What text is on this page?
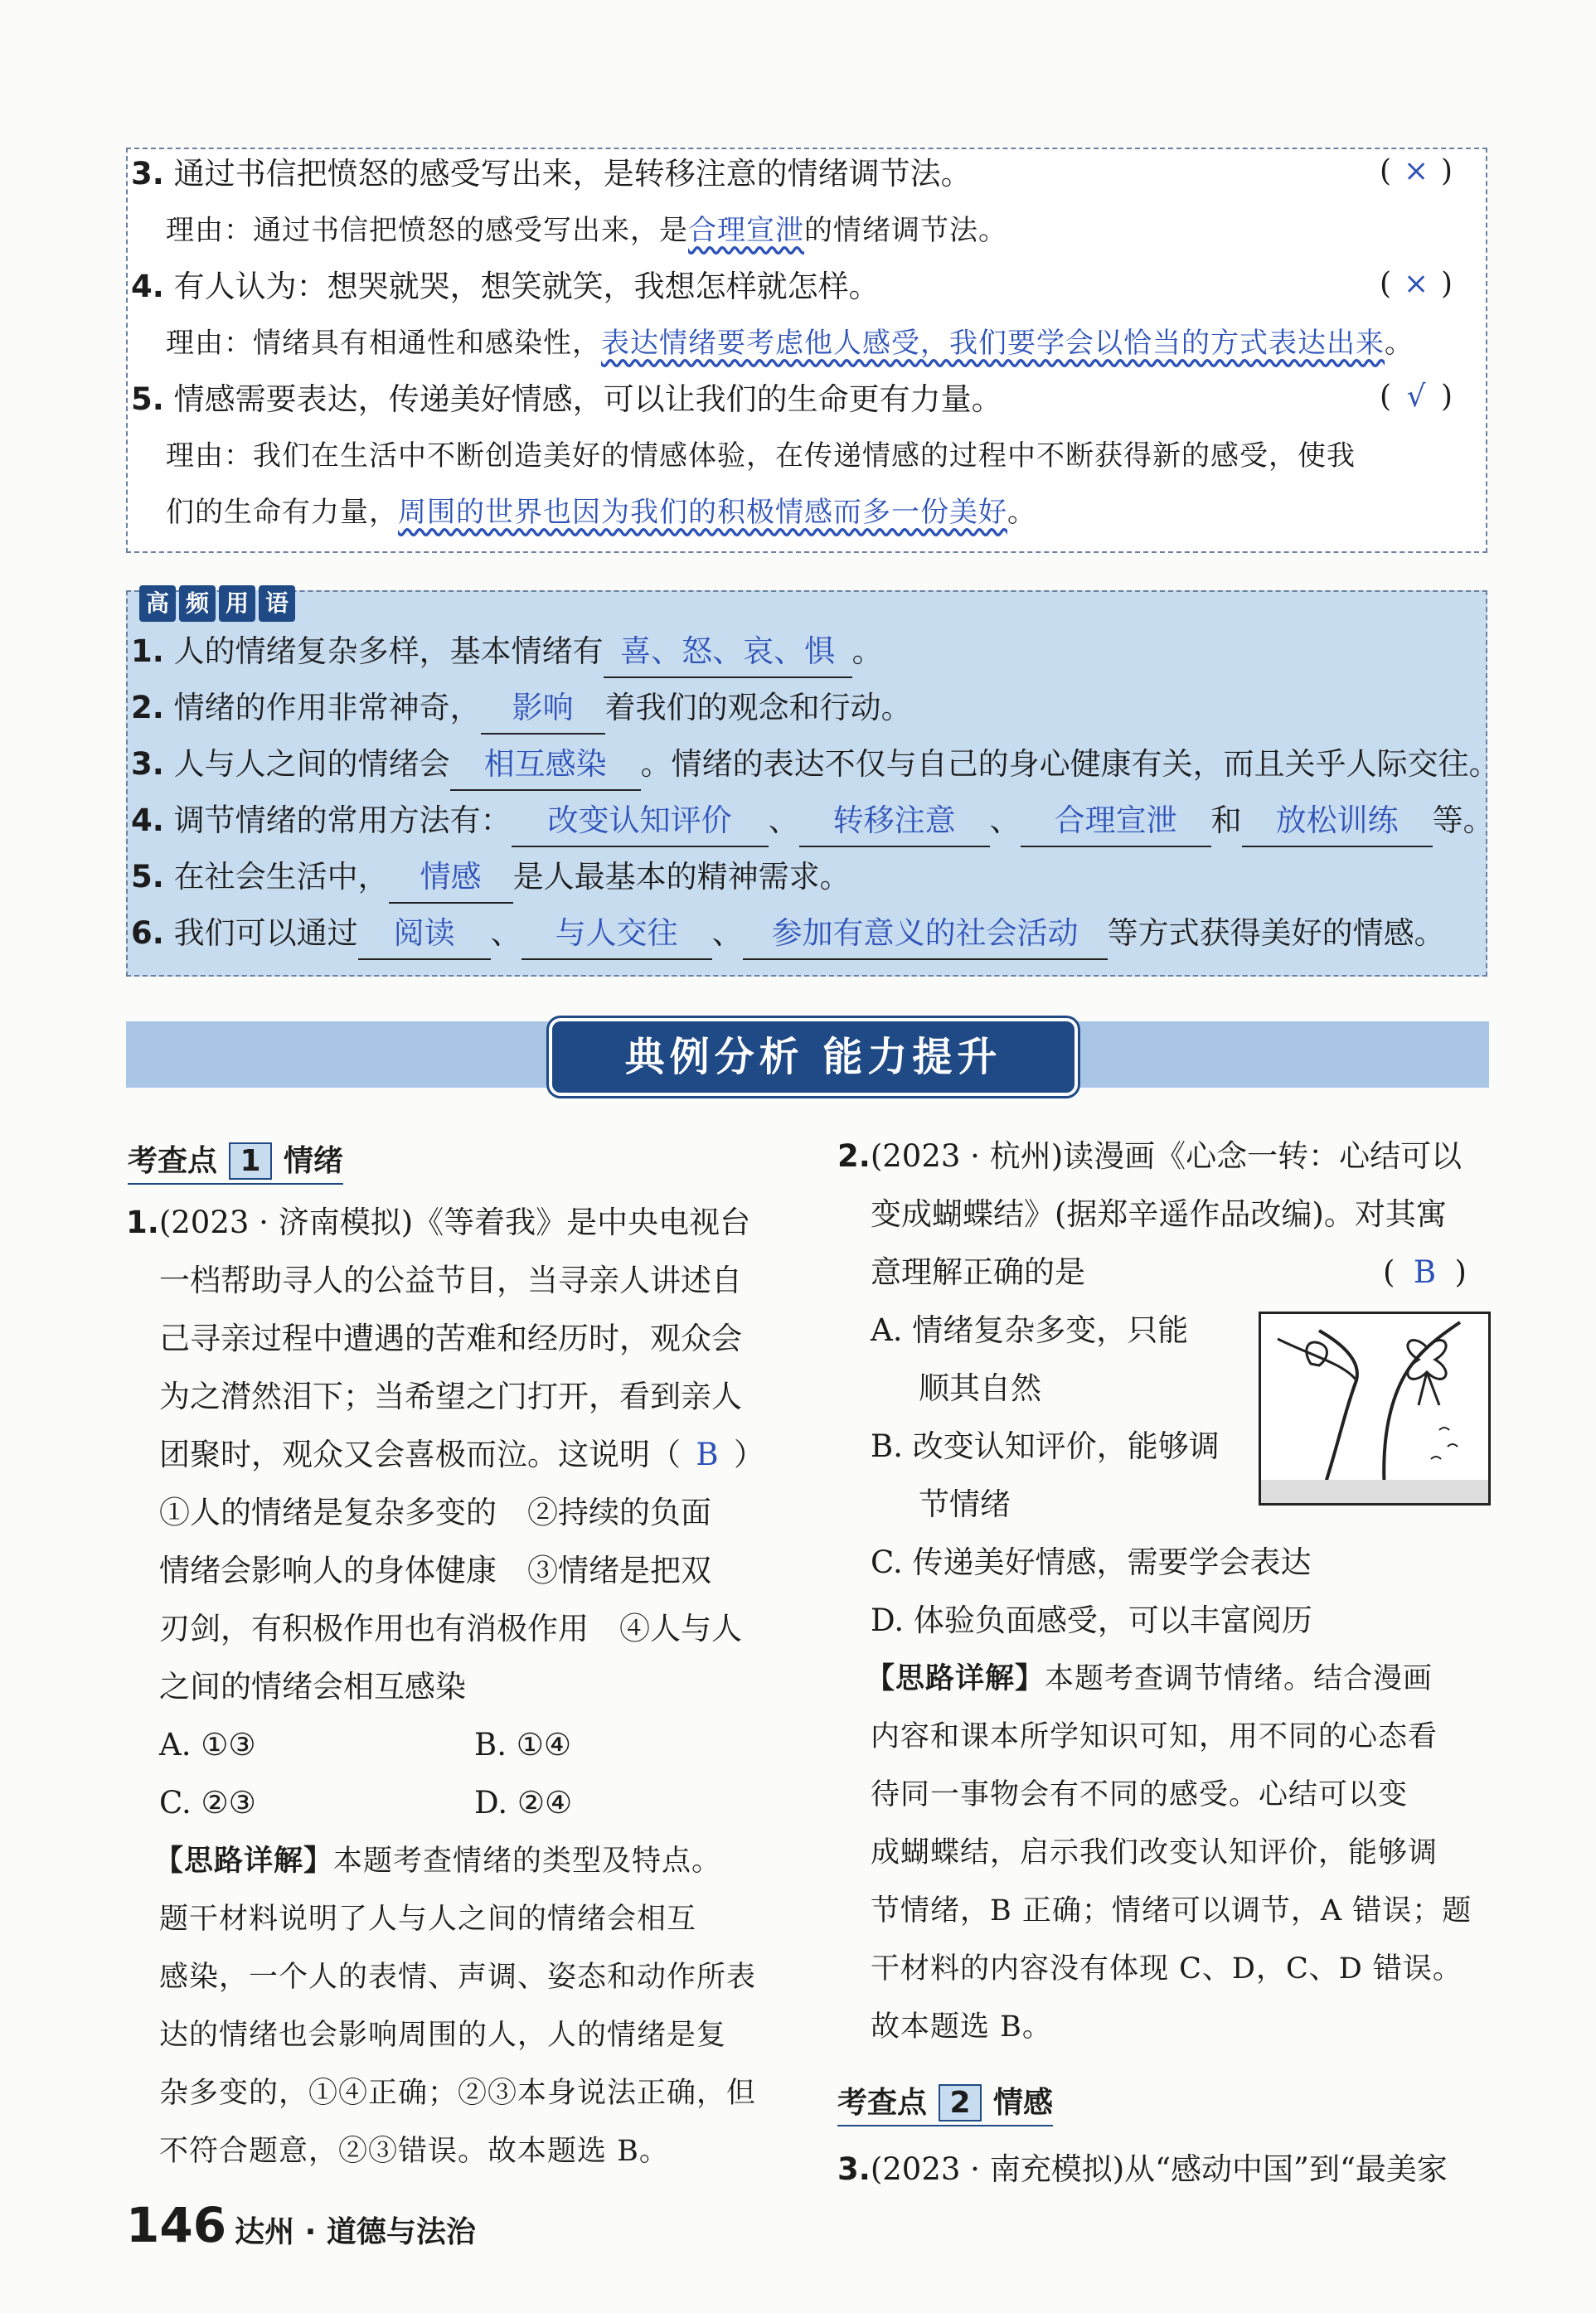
3. 通过书信把愤怒的感受写出来，是转移注意的情绪调节法。	( × )
理由：通过书信把愤怒的感受写出来，是合理宣泄的情绪调节法。
4. 有人认为：想哭就哭，想笑就笑，我想怎样就怎样。	( × )
理由：情绪具有相通性和感染性，表达情绪要考虑他人感受，我们要学会以恰当的方式表达出来。
5. 情感需要表达，传递美好情感，可以让我们的生命更有力量。	( √ )
理由：我们在生活中不断创造美好的情感体验，在传递情感的过程中不断获得新的感受，使我
们的生命有力量，周围的世界也因为我们的积极情感而多一份美好。
高 频 用 语
1. 人的情绪复杂多样，基本情绪有 喜、怒、哀、惧 。
2. 情绪的作用非常神奇， 影响 着我们的观念和行动。
3. 人与人之间的情绪会 相互感染 。情绪的表达不仅与自己的身心健康有关，而且关乎人际交往。
4. 调节情绪的常用方法有： 改变认知评价 、 转移注意 、 合理宣泄 和 放松训练 等。
5. 在社会生活中， 情感 是人最基本的精神需求。
6. 我们可以通过 阅读 、 与人交往 、 参加有意义的社会活动 等方式获得美好的情感。
典例分析 能力提升
考查点 1 情绪
1.(2023 · 济南模拟)《等着我》是中央电视台
一档帮助寻人的公益节目，当寻亲人讲述自
己寻亲过程中遭遇的苦难和经历时，观众会
为之潸然泪下；当希望之门打开，看到亲人
团聚时，观众又会喜极而泣。这说明（ B ）
①人的情绪是复杂多变的　②持续的负面
情绪会影响人的身体健康　③情绪是把双
刃剑，有积极作用也有消极作用　④人与人
之间的情绪会相互感染
A. ①③	B. ①④
C. ②③	D. ②④
【思路详解】本题考查情绪的类型及特点。
题干材料说明了人与人之间的情绪会相互
感染，一个人的表情、声调、姿态和动作所表
达的情绪也会影响周围的人，人的情绪是复
杂多变的，①④正确；②③本身说法正确，但
不符合题意，②③错误。故本题选 B。
2.(2023 · 杭州)读漫画《心念一转：心结可以
变成蝴蝶结》(据郑辛遥作品改编)。对其寓
意理解正确的是	( B )
A. 情绪复杂多变，只能
顺其自然
B. 改变认知评价，能够调
节情绪
C. 传递美好情感，需要学会表达
D. 体验负面感受，可以丰富阅历
【思路详解】本题考查调节情绪。结合漫画
内容和课本所学知识可知，用不同的心态看
待同一事物会有不同的感受。心结可以变
成蝴蝶结，启示我们改变认知评价，能够调
节情绪，B 正确；情绪可以调节，A 错误；题
干材料的内容没有体现 C、D，C、D 错误。
故本题选 B。
考查点 2 情感
3.(2023 · 南充模拟)从“感动中国”到“最美家
146 达州 · 道德与法治
